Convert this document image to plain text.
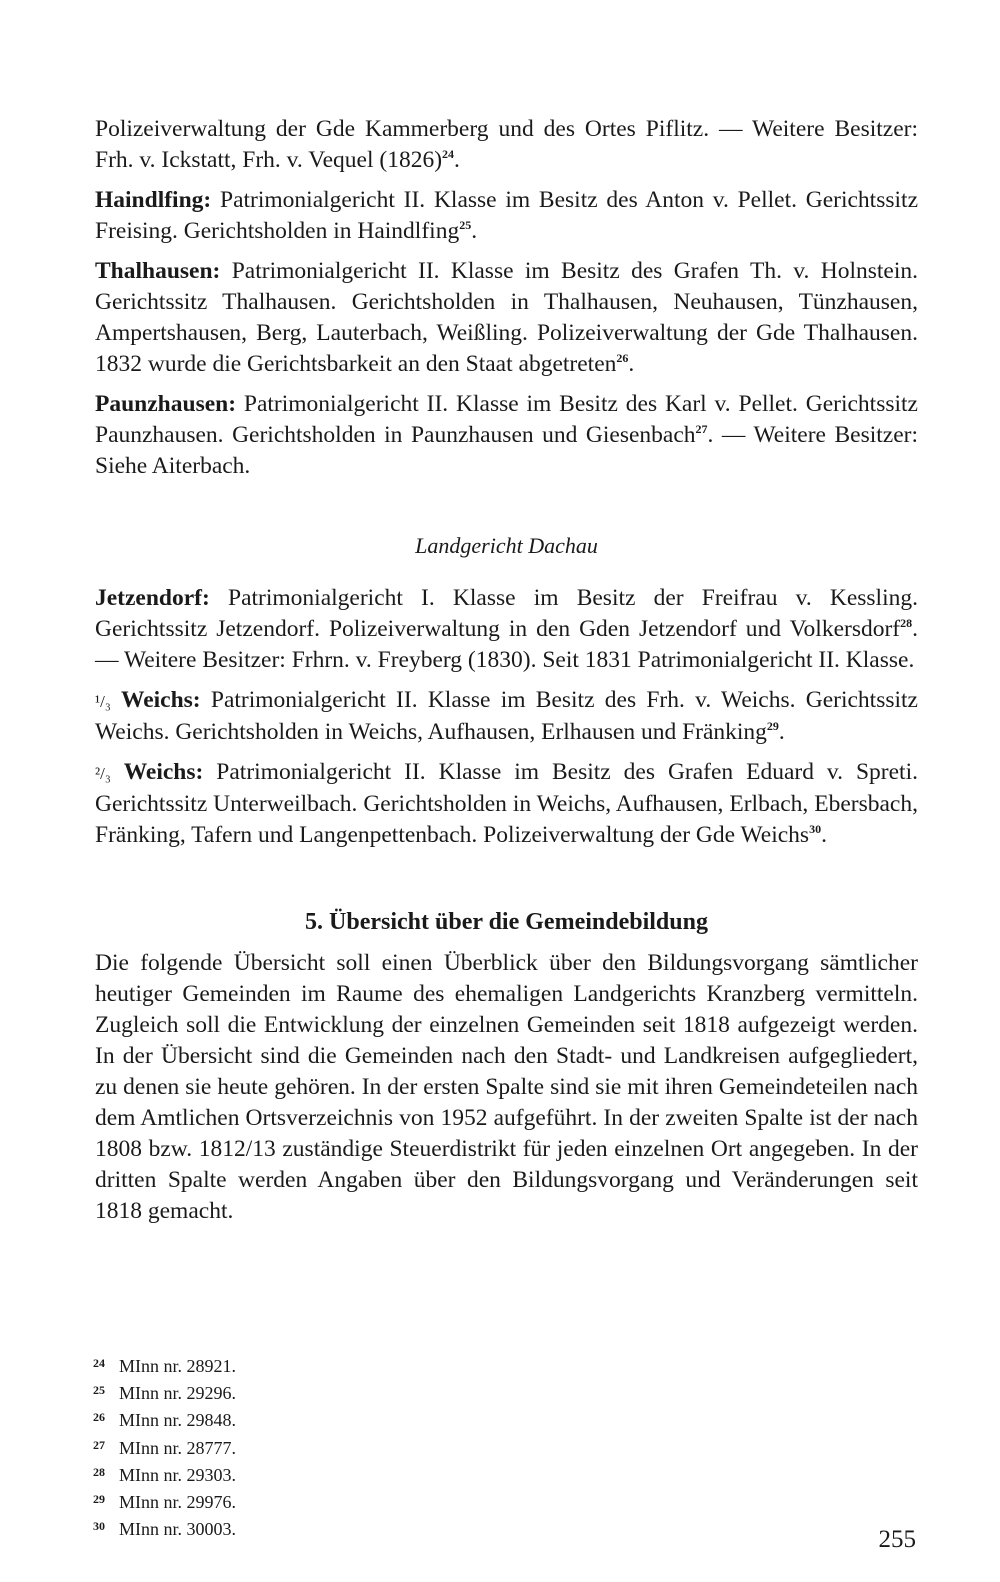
Polizeiverwaltung der Gde Kammerberg und des Ortes Piflitz. — Weitere Besitzer: Frh. v. Ickstatt, Frh. v. Vequel $(1826)^{24}$.

Haindlfing: Patrimonialgericht II. Klasse im Besitz des Anton v. Pellet. Gerichtssitz Freising. Gerichtsholden in Haindlfing$^{25}$.

Thalhausen: Patrimonialgericht II. Klasse im Besitz des Grafen Th. v. Holnstein. Gerichtssitz Thalhausen. Gerichtsholden in Thalhausen, Neuhausen, Tünzhausen, Ampertshausen, Berg, Lauterbach, Weißling. Polizeiverwaltung der Gde Thalhausen. 1832 wurde die Gerichtsbarkeit an den Staat abgetreten$^{26}$.

Paunzhausen: Patrimonialgericht II. Klasse im Besitz des Karl v. Pellet. Gerichtssitz Paunzhausen. Gerichtsholden in Paunzhausen und Giesenbach$^{27}$. — Weitere Besitzer: Siehe Aiterbach.

Landgericht Dachau

Jetzendorf: Patrimonialgericht I. Klasse im Besitz der Freifrau v. Kessling. Gerichtssitz Jetzendorf. Polizeiverwaltung in den Gden Jetzendorf und Volkersdorf$^{28}$. — Weitere Besitzer: Frhrn. v. Freyberg (1830). Seit 1831 Patrimonialgericht II. Klasse.

¹/₃ Weichs: Patrimonialgericht II. Klasse im Besitz des Frh. v. Weichs. Gerichtssitz Weichs. Gerichtsholden in Weichs, Aufhausen, Erlhausen und Fränking$^{29}$.

²/₃ Weichs: Patrimonialgericht II. Klasse im Besitz des Grafen Eduard v. Spreti. Gerichtssitz Unterweilbach. Gerichtsholden in Weichs, Aufhausen, Erlbach, Ebersbach, Fränking, Tafern und Langenpettenbach. Polizeiverwaltung der Gde Weichs$^{30}$.

5. Übersicht über die Gemeindebildung

Die folgende Übersicht soll einen Überblick über den Bildungsvorgang sämtlicher heutiger Gemeinden im Raume des ehemaligen Landgerichts Kranzberg vermitteln. Zugleich soll die Entwicklung der einzelnen Gemeinden seit 1818 aufgezeigt werden. In der Übersicht sind die Gemeinden nach den Stadt- und Landkreisen aufgegliedert, zu denen sie heute gehören. In der ersten Spalte sind sie mit ihren Gemeindeteilen nach dem Amtlichen Ortsverzeichnis von 1952 aufgeführt. In der zweiten Spalte ist der nach 1808 bzw. 1812/13 zuständige Steuerdistrikt für jeden einzelnen Ort angegeben. In der dritten Spalte werden Angaben über den Bildungsvorgang und Veränderungen seit 1818 gemacht.

24 MInn nr. 28921.
25 MInn nr. 29296.
26 MInn nr. 29848.
27 MInn nr. 28777.
28 MInn nr. 29303.
29 MInn nr. 29976.
30 MInn nr. 30003.	255
